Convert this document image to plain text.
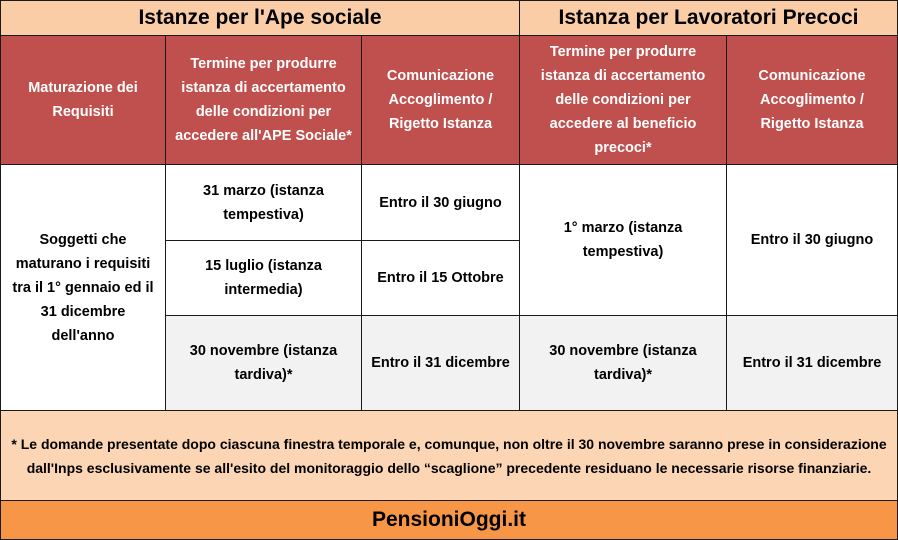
Istanze per l'Ape sociale	Istanza per Lavoratori Precoci
Maturazione dei Requisiti
Termine per produrre istanza di accertamento delle condizioni per accedere all'APE Sociale*
Comunicazione Accoglimento / Rigetto Istanza
Termine per produrre istanza di accertamento delle condizioni per accedere al beneficio precoci*
Comunicazione Accoglimento / Rigetto Istanza
Soggetti che maturano i requisiti tra il 1° gennaio ed il 31 dicembre dell'anno
31 marzo (istanza tempestiva)
Entro il 30 giugno
15 luglio (istanza intermedia)
Entro il 15 Ottobre
30 novembre (istanza tardiva)*
Entro il 31 dicembre
1° marzo (istanza tempestiva)
Entro il 30 giugno
30 novembre (istanza tardiva)*
Entro il 31 dicembre
* Le domande presentate dopo ciascuna finestra temporale e, comunque, non oltre il 30 novembre saranno prese in considerazione dall'Inps esclusivamente se all'esito del monitoraggio dello “scaglione” precedente residuano le necessarie risorse finanziarie.
PensioniOggi.it
